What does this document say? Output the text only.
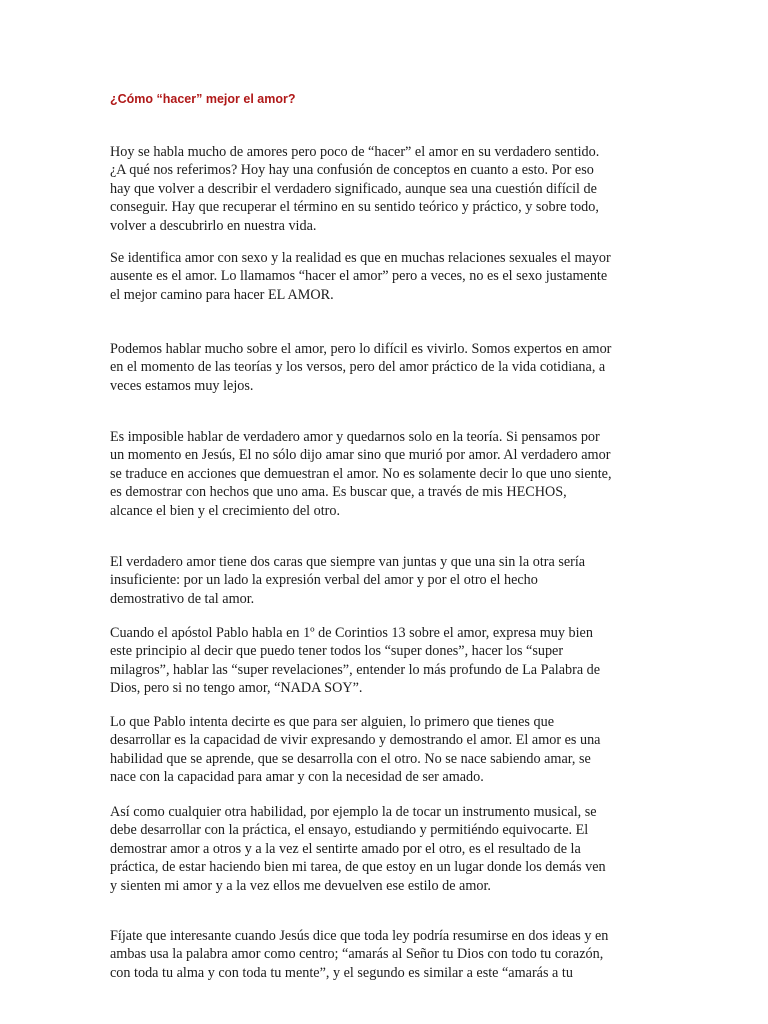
¿Cómo “hacer” mejor el amor?

Hoy se habla mucho de amores pero poco de “hacer” el amor en su verdadero sentido.
¿A qué nos referimos? Hoy hay una confusión de conceptos en cuanto a esto. Por eso
hay que volver a describir el verdadero significado, aunque sea una cuestión difícil de
conseguir. Hay que recuperar el término en su sentido teórico y práctico, y sobre todo,
volver a descubrirlo en nuestra vida.

Se identifica amor con sexo y la realidad es que en muchas relaciones sexuales el mayor
ausente es el amor. Lo llamamos “hacer el amor” pero a veces, no es el sexo justamente
el mejor camino para hacer EL AMOR.

Podemos hablar mucho sobre el amor, pero lo difícil es vivirlo. Somos expertos en amor
en el momento de las teorías y los versos, pero del amor práctico de la vida cotidiana, a
veces estamos muy lejos.

Es imposible hablar de verdadero amor y quedarnos solo en la teoría. Si pensamos por
un momento en Jesús, El no sólo dijo amar sino que murió por amor. Al verdadero amor
se traduce en acciones que demuestran el amor. No es solamente decir lo que uno siente,
es demostrar con hechos que uno ama. Es buscar que, a través de mis HECHOS,
alcance el bien y el crecimiento del otro.

El verdadero amor tiene dos caras que siempre van juntas y que una sin la otra sería
insuficiente: por un lado la expresión verbal del amor y por el otro el hecho
demostrativo de tal amor.

Cuando el apóstol Pablo habla en 1º de Corintios 13 sobre el amor, expresa muy bien
este principio al decir que puedo tener todos los “super dones”, hacer los “super
milagros”, hablar las “super revelaciones”, entender lo más profundo de La Palabra de
Dios, pero si no tengo amor, “NADA SOY”.

Lo que Pablo intenta decirte es que para ser alguien, lo primero que tienes que
desarrollar es la capacidad de vivir expresando y demostrando el amor. El amor es una
habilidad que se aprende, que se desarrolla con el otro. No se nace sabiendo amar, se
nace con la capacidad para amar y con la necesidad de ser amado.

Así como cualquier otra habilidad, por ejemplo la de tocar un instrumento musical, se
debe desarrollar con la práctica, el ensayo, estudiando y permitiéndo equivocarte. El
demostrar amor a otros y a la vez el sentirte amado por el otro, es el resultado de la
práctica, de estar haciendo bien mi tarea, de que estoy en un lugar donde los demás ven
y sienten mi amor y a la vez ellos me devuelven ese estilo de amor.

Fíjate que interesante cuando Jesús dice que toda ley podría resumirse en dos ideas y en
ambas usa la palabra amor como centro; “amarás al Señor tu Dios con todo tu corazón,
con toda tu alma y con toda tu mente”, y el segundo es similar a este “amarás a tu
